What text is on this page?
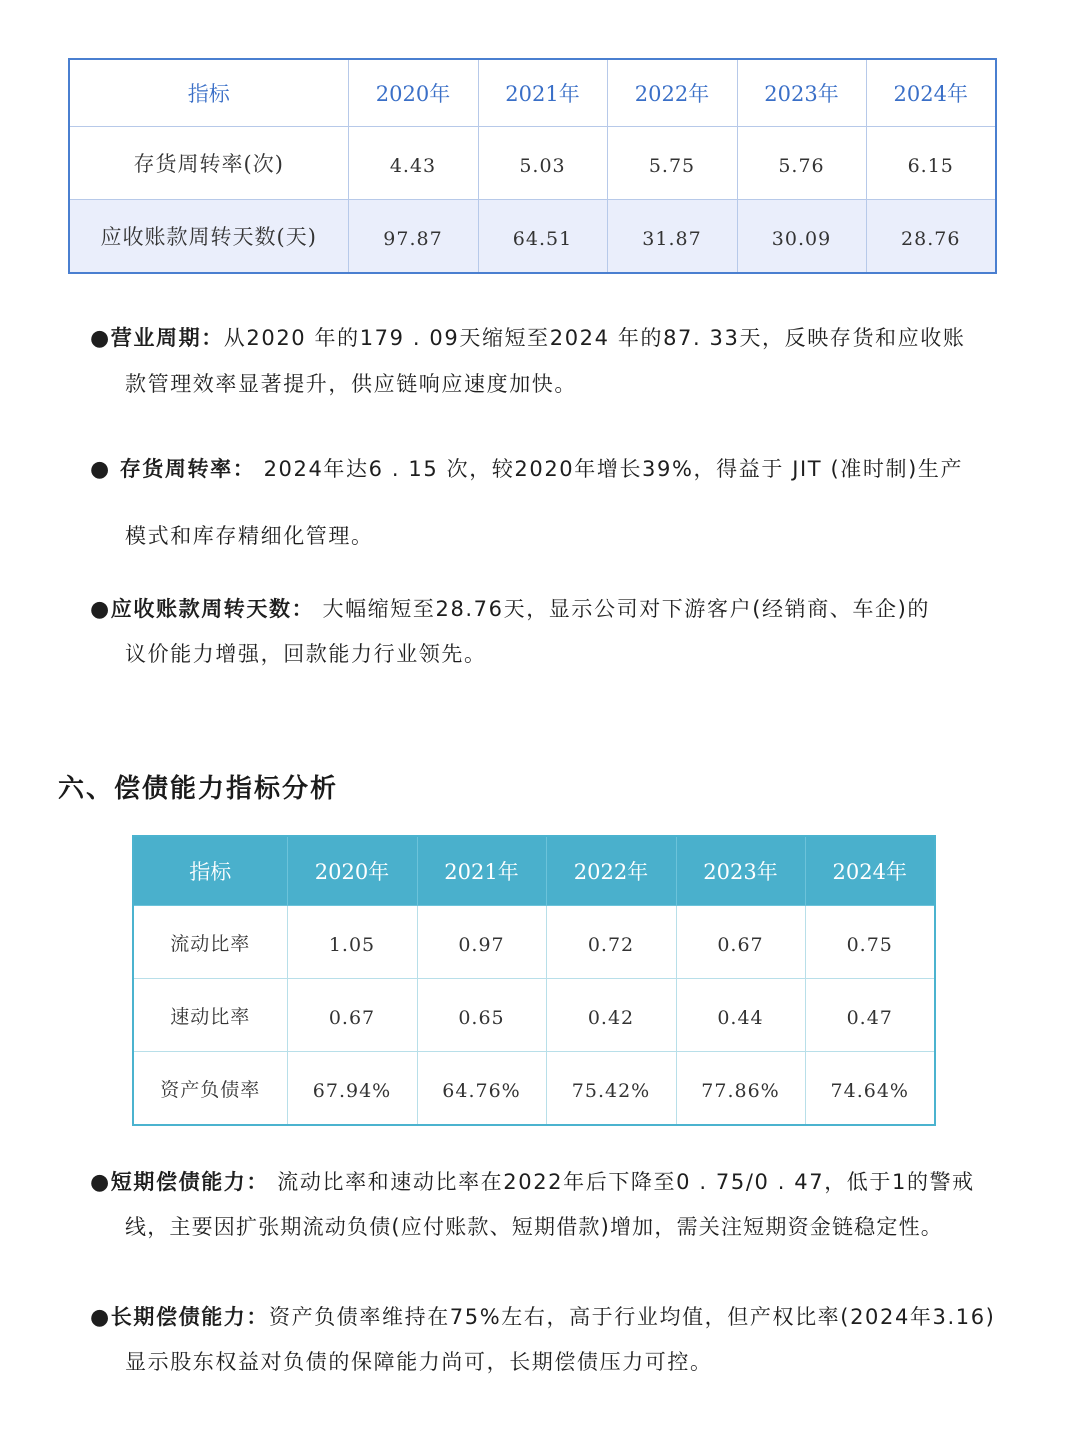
指标	2020年	2021年	2022年	2023年	2024年
存货周转率(次)	4.43	5.03	5.75	5.76	6.15
应收账款周转天数(天)	97.87	64.51	31.87	30.09	28.76
●营业周期：从2020 年的179 . 09天缩短至2024 年的87. 33天，反映存货和应收账
款管理效率显著提升，供应链响应速度加快。
● 存货周转率： 2024年达6 . 15 次，较2020年增长39%，得益于 JIT (准时制)生产
模式和库存精细化管理。
●应收账款周转天数： 大幅缩短至28.76天，显示公司对下游客户(经销商、车企)的
议价能力增强，回款能力行业领先。
六、偿债能力指标分析
指标	2020年	2021年	2022年	2023年	2024年
流动比率	1.05	0.97	0.72	0.67	0.75
速动比率	0.67	0.65	0.42	0.44	0.47
资产负债率	67.94%	64.76%	75.42%	77.86%	74.64%
●短期偿债能力： 流动比率和速动比率在2022年后下降至0 . 75/0 . 47，低于1的警戒
线，主要因扩张期流动负债(应付账款、短期借款)增加，需关注短期资金链稳定性。
●长期偿债能力：资产负债率维持在75%左右，高于行业均值，但产权比率(2024年3.16)
显示股东权益对负债的保障能力尚可，长期偿债压力可控。
